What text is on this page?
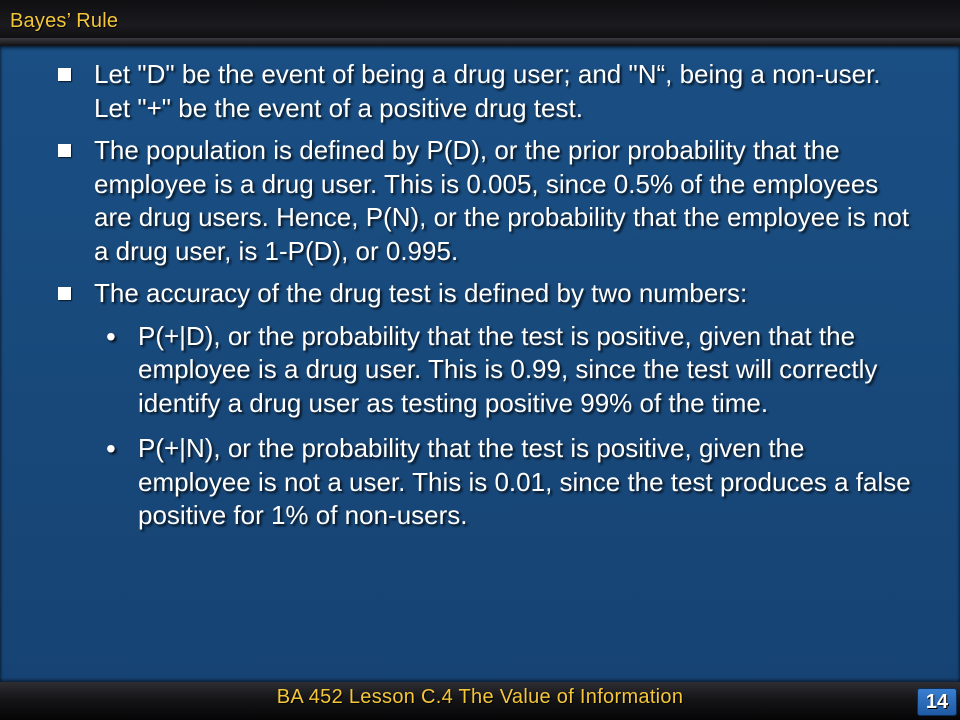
Bayes’ Rule
Let "D" be the event of being a drug user; and "N“, being a non-user. Let "+" be the event of a positive drug test.
The population is defined by P(D), or the prior probability that the employee is a drug user. This is 0.005, since 0.5% of the employees are drug users. Hence, P(N), or the probability that the employee is not a drug user, is 1-P(D), or 0.995.
The accuracy of the drug test is defined by two numbers:
• P(+|D), or the probability that the test is positive, given that the employee is a drug user. This is 0.99, since the test will correctly identify a drug user as testing positive 99% of the time.
• P(+|N), or the probability that the test is positive, given the employee is not a user. This is 0.01, since the test produces a false positive for 1% of non-users.
BA 452 Lesson C.4 The Value of Information	14
